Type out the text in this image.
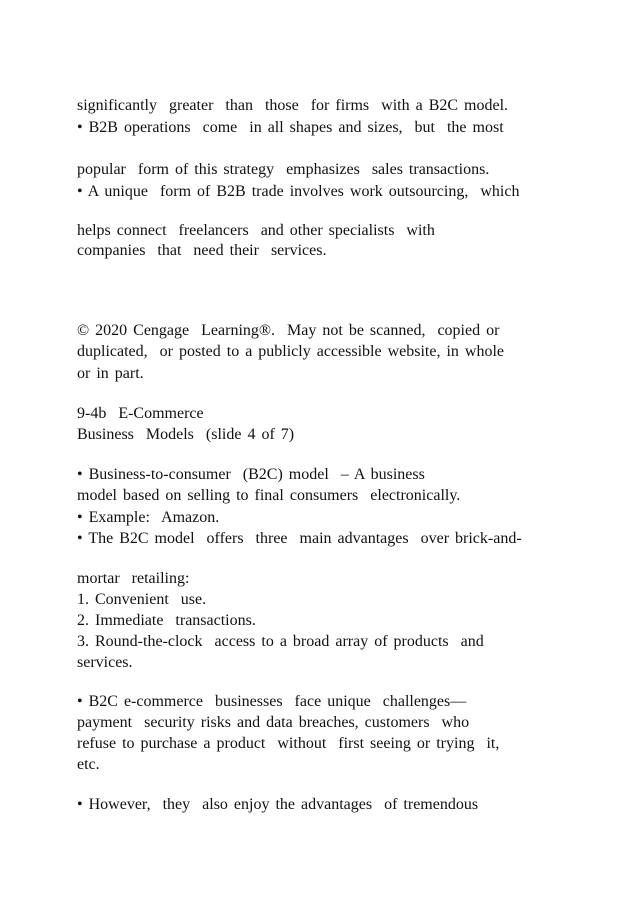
significantly  greater  than  those  for firms  with a B2C model.

• B2B operations  come  in all shapes and sizes,  but  the most

popular  form of this strategy  emphasizes  sales transactions.

• A unique  form of B2B trade involves work outsourcing,  which

helps connect  freelancers  and other specialists  with

companies  that  need their  services.

© 2020 Cengage  Learning®.  May not be scanned,  copied or

duplicated,  or posted to a publicly accessible website, in whole

or in part.

9-4b  E-Commerce

Business  Models  (slide 4 of 7)

• Business-to-consumer  (B2C) model  – A business

model based on selling to final consumers  electronically.

• Example:  Amazon.

• The B2C model  offers  three  main advantages  over brick-and-

mortar  retailing:

1. Convenient  use.

2. Immediate  transactions.

3. Round-the-clock  access to a broad array of products  and

services.

• B2C e-commerce  businesses  face unique  challenges—

payment  security risks and data breaches, customers  who

refuse to purchase a product  without  first seeing or trying  it,

etc.

• However,  they  also enjoy the advantages  of tremendous
